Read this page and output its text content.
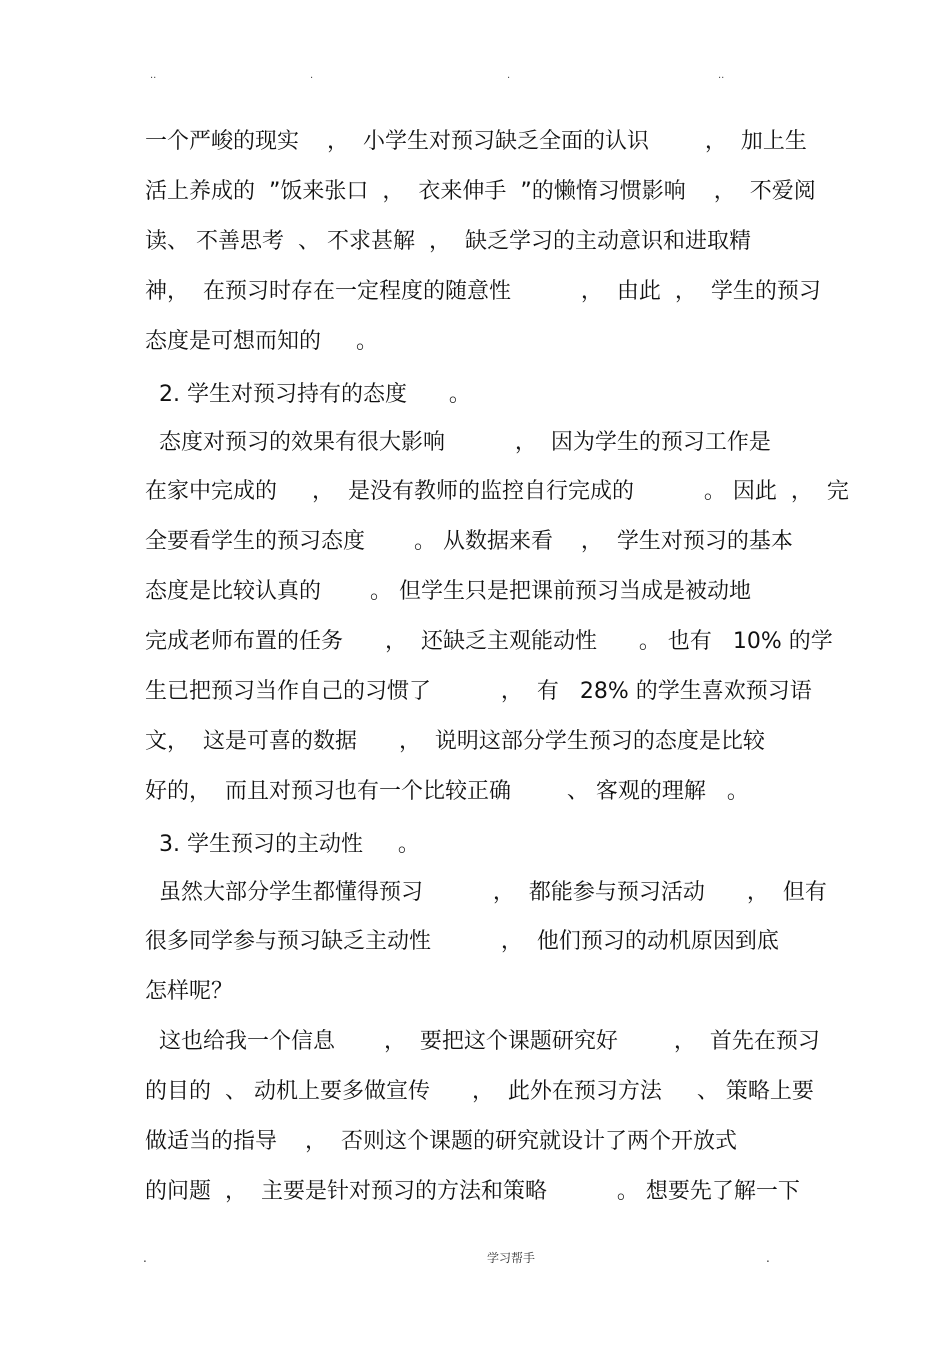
..	.	.	..
一个严峻的现实    ，  小学生对预习缺乏全面的认识        ，  加上生
活上养成的  ”饭来张口  ，  衣来伸手  ”的懒惰习惯影响    ，  不爱阅
读、 不善思考  、 不求甚解  ，  缺乏学习的主动意识和进取精
神，  在预习时存在一定程度的随意性          ，  由此  ，  学生的预习
态度是可想而知的     。
2. 学生对预习持有的态度      。
态度对预习的效果有很大影响          ，  因为学生的预习工作是
在家中完成的     ，  是没有教师的监控自行完成的          。 因此  ，  完
全要看学生的预习态度       。 从数据来看    ，  学生对预习的基本
态度是比较认真的       。 但学生只是把课前预习当成是被动地
完成老师布置的任务      ，  还缺乏主观能动性      。 也有   10% 的学
生已把预习当作自己的习惯了          ，  有   28% 的学生喜欢预习语
文，  这是可喜的数据      ，  说明这部分学生预习的态度是比较
好的，  而且对预习也有一个比较正确        、 客观的理解   。
3. 学生预习的主动性     。
虽然大部分学生都懂得预习          ，  都能参与预习活动      ，  但有
很多同学参与预习缺乏主动性          ，  他们预习的动机原因到底
怎样呢？
这也给我一个信息       ，  要把这个课题研究好        ，  首先在预习
的目的  、 动机上要多做宣传      ，  此外在预习方法     、 策略上要
做适当的指导    ，  否则这个课题的研究就设计了两个开放式
的问题  ，  主要是针对预习的方法和策略          。 想要先了解一下
.	学习帮手	.
